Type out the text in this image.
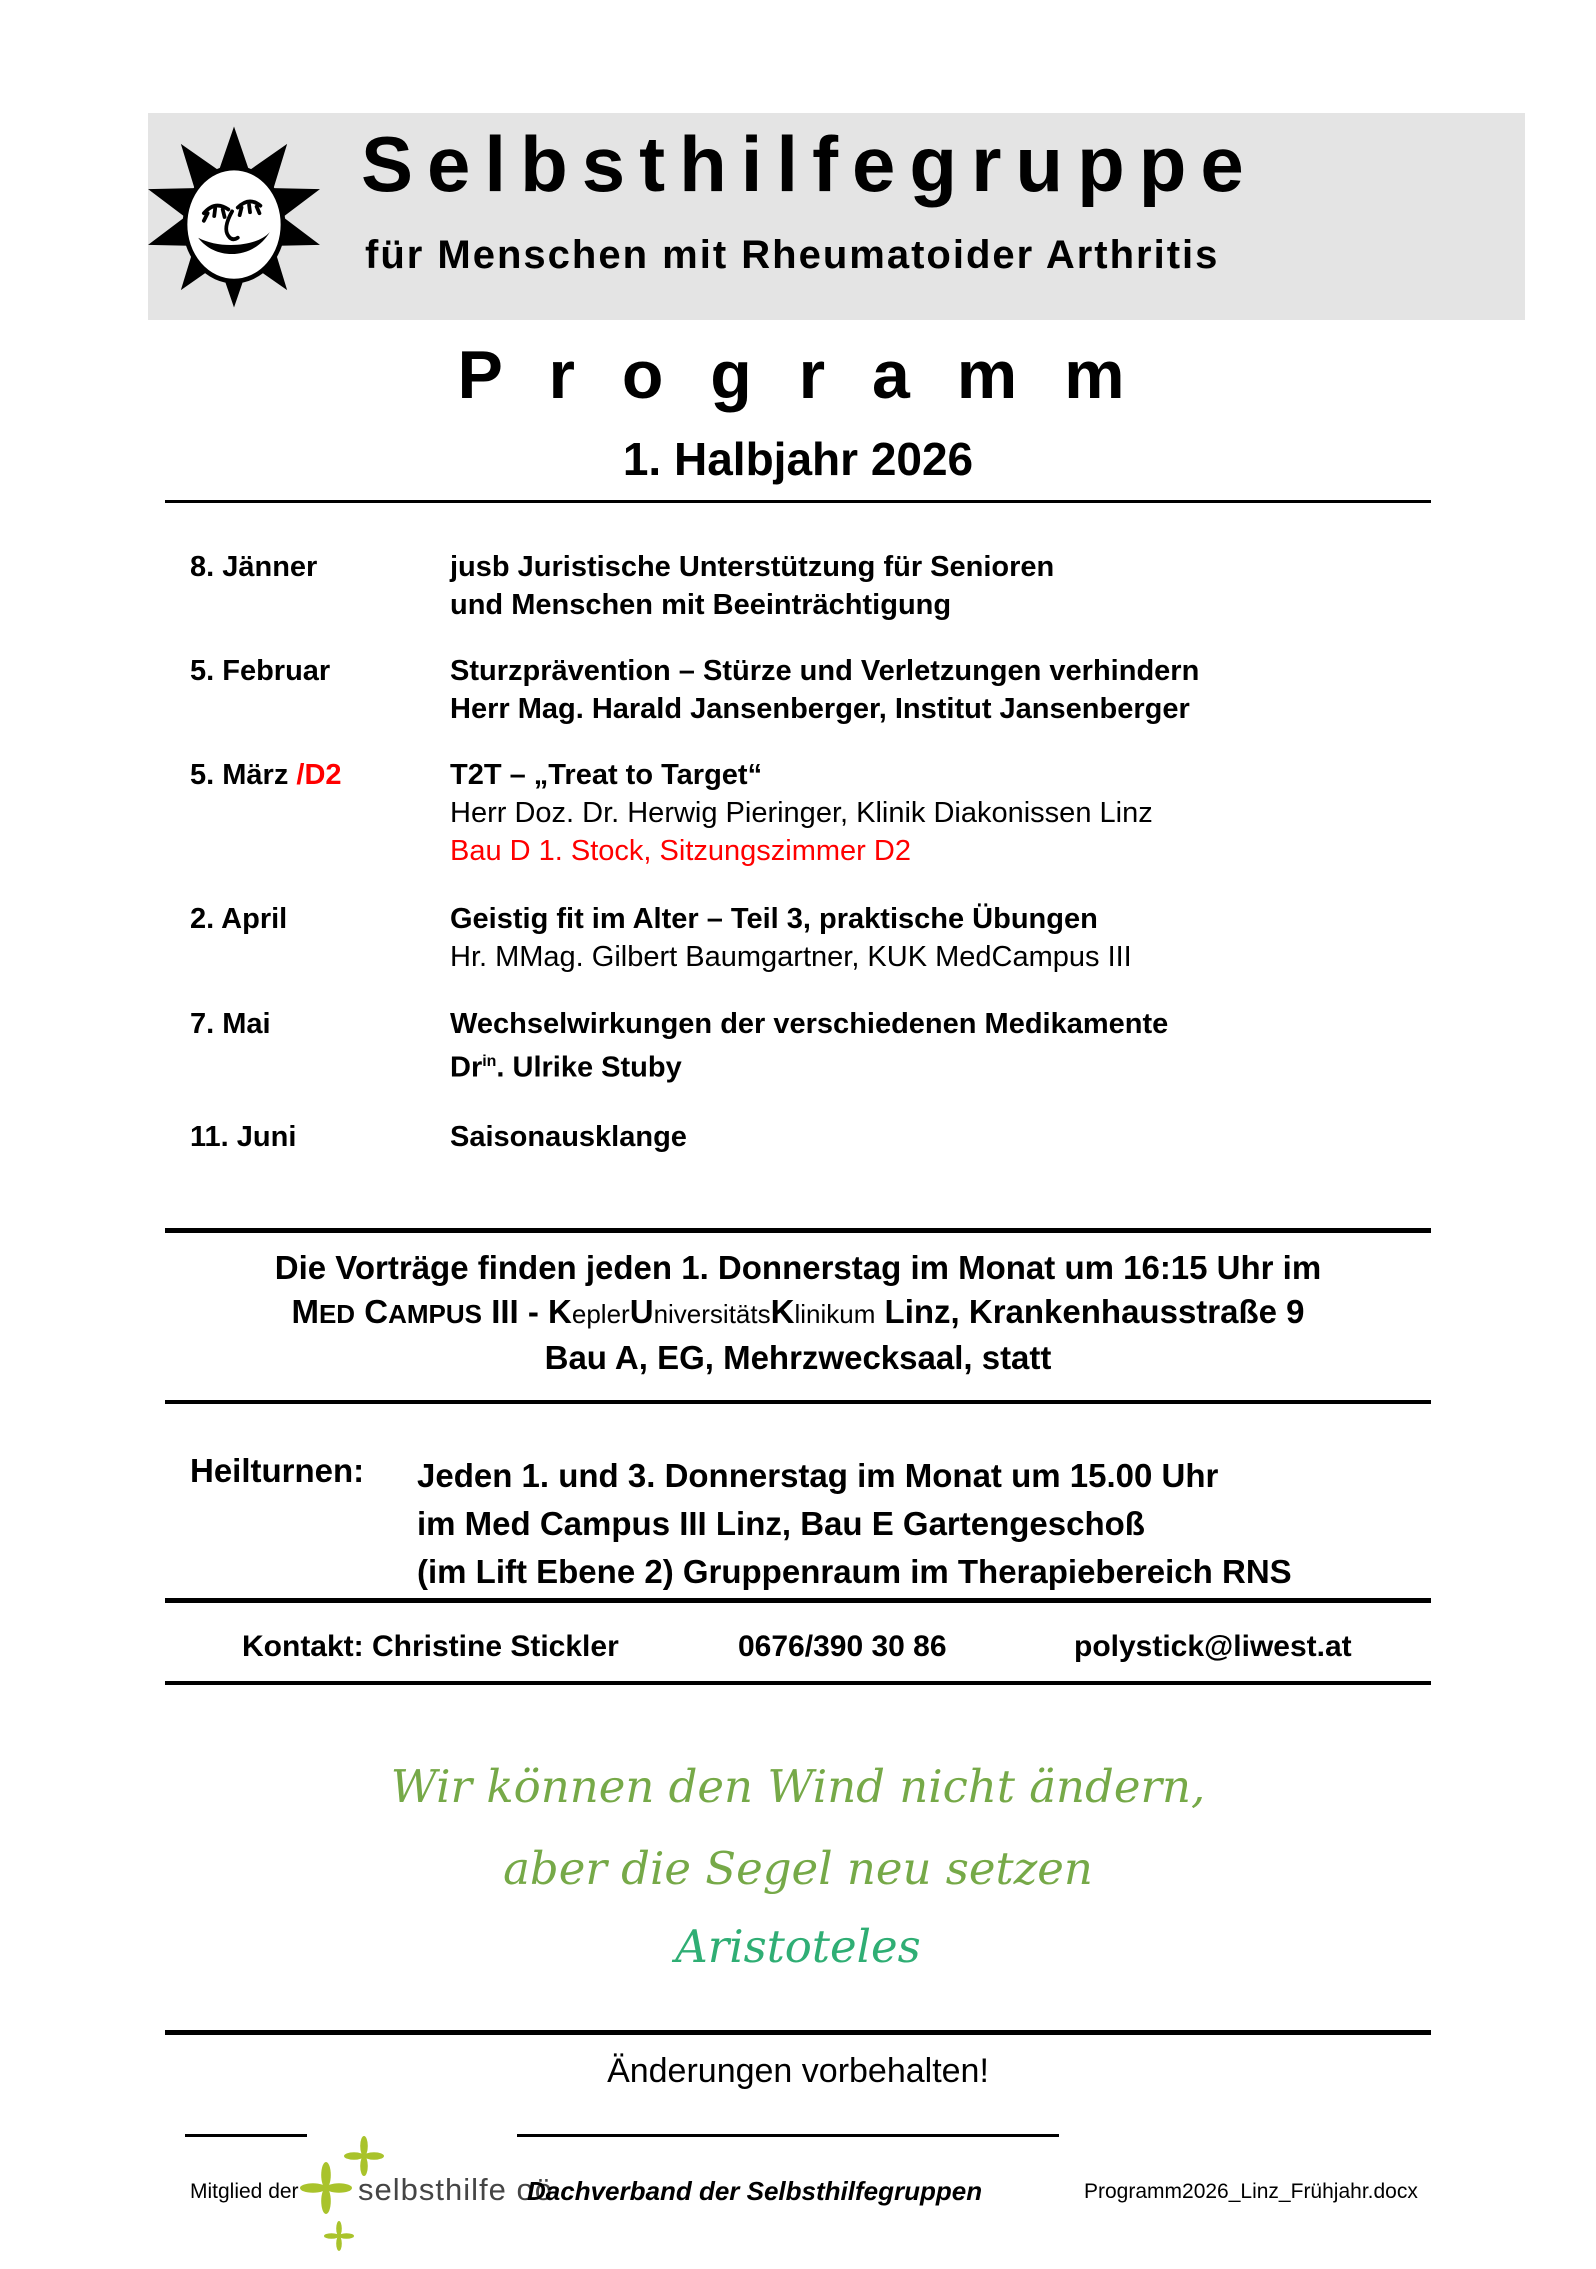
Selbsthilfegruppe
für Menschen mit Rheumatoider Arthritis
P r o g r a m m
1. Halbjahr 2026
8. Jänner	jusb Juristische Unterstützung für Senioren
und Menschen mit Beeinträchtigung
5. Februar	Sturzprävention – Stürze und Verletzungen verhindern
Herr Mag. Harald Jansenberger, Institut Jansenberger
5. März /D2	T2T – „Treat to Target“
Herr Doz. Dr. Herwig Pieringer, Klinik Diakonissen Linz
Bau D 1. Stock, Sitzungszimmer D2
2. April	Geistig fit im Alter – Teil 3, praktische Übungen
Hr. MMag. Gilbert Baumgartner, KUK MedCampus III
7. Mai	Wechselwirkungen der verschiedenen Medikamente
$Dr^{in}$. Ulrike Stuby
11. Juni	Saisonausklange
Die Vorträge finden jeden 1. Donnerstag im Monat um 16:15 Uhr im
MED CAMPUS III - KeplerUniversitätsKlinikum Linz, Krankenhausstraße 9
Bau A, EG, Mehrzwecksaal, statt
Heilturnen: Jeden 1. und 3. Donnerstag im Monat um 15.00 Uhr
im Med Campus III Linz, Bau E Gartengeschoß
(im Lift Ebene 2) Gruppenraum im Therapiebereich RNS
Kontakt: Christine Stickler	0676/390 30 86	polystick@liwest.at
Wir können den Wind nicht ändern,
aber die Segel neu setzen
Aristoteles
Änderungen vorbehalten!
Mitglied der selbsthilfe oö
Dachverband der Selbsthilfegruppen	Programm2026_Linz_Frühjahr.docx
